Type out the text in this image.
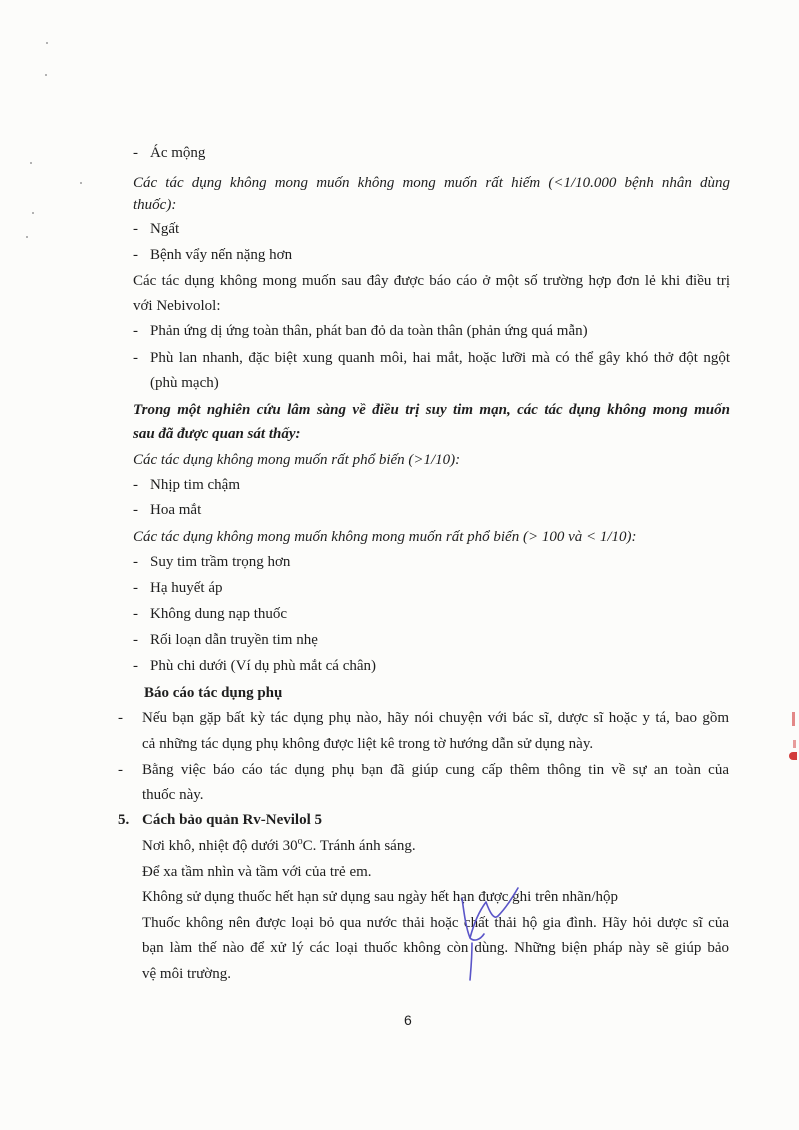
- Ác mộng
Các tác dụng không mong muốn không mong muốn rất hiếm (<1/10.000 bệnh nhân dùng
thuốc):
- Ngất
- Bệnh vẩy nến nặng hơn
Các tác dụng không mong muốn sau đây được báo cáo ở một số trường hợp đơn lẻ khi điều trị
với Nebivolol:
- Phản ứng dị ứng toàn thân, phát ban đỏ da toàn thân (phản ứng quá mẫn)
- Phù lan nhanh, đặc biệt xung quanh môi, hai mắt, hoặc lưỡi mà có thể gây khó thở đột ngột
(phù mạch)
Trong một nghiên cứu lâm sàng về điều trị suy tim mạn, các tác dụng không mong muốn
sau đã được quan sát thấy:
Các tác dụng không mong muốn rất phổ biến (>1/10):
- Nhịp tim chậm
- Hoa mắt
Các tác dụng không mong muốn không mong muốn rất phổ biến (> 100 và < 1/10):
- Suy tim trầm trọng hơn
- Hạ huyết áp
- Không dung nạp thuốc
- Rối loạn dẫn truyền tim nhẹ
- Phù chi dưới (Ví dụ phù mắt cá chân)
Báo cáo tác dụng phụ
- Nếu bạn gặp bất kỳ tác dụng phụ nào, hãy nói chuyện với bác sĩ, dược sĩ hoặc y tá, bao gồm
cả những tác dụng phụ không được liệt kê trong tờ hướng dẫn sử dụng này.
- Bằng việc báo cáo tác dụng phụ bạn đã giúp cung cấp thêm thông tin về sự an toàn của
thuốc này.
5. Cách bảo quản Rv-Nevilol 5
Nơi khô, nhiệt độ dưới 30$^o$C. Tránh ánh sáng.
Để xa tầm nhìn và tầm với của trẻ em.
Không sử dụng thuốc hết hạn sử dụng sau ngày hết hạn được ghi trên nhãn/hộp
Thuốc không nên được loại bỏ qua nước thải hoặc chất thải hộ gia đình. Hãy hỏi dược sĩ của
bạn làm thế nào để xử lý các loại thuốc không còn dùng. Những biện pháp này sẽ giúp bảo
vệ môi trường.
6
